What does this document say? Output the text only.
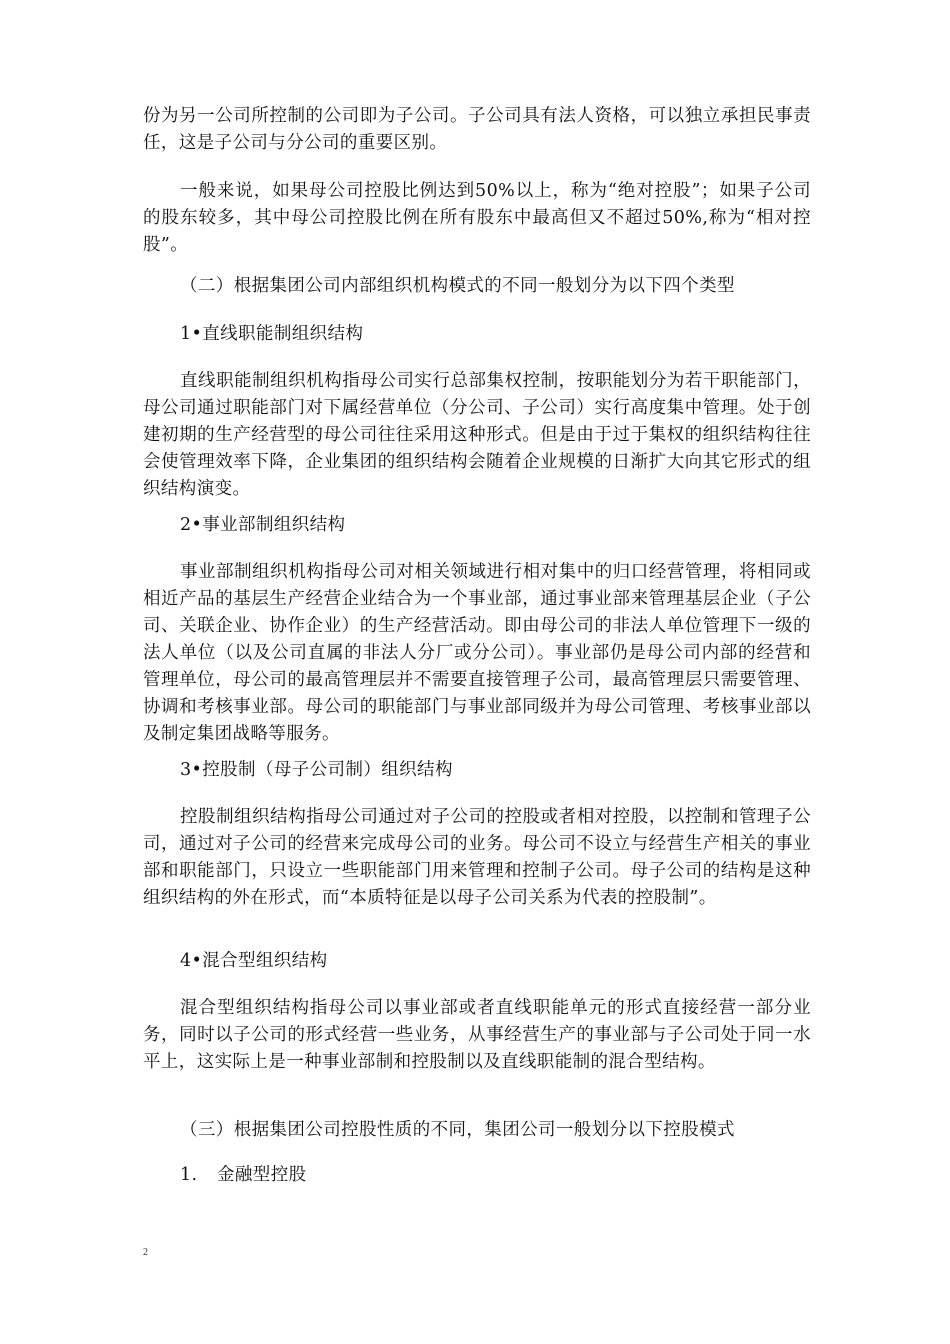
份为另一公司所控制的公司即为子公司。子公司具有法人资格，可以独立承担民事责任，这是子公司与分公司的重要区别。

一般来说，如果母公司控股比例达到50%以上，称为“绝对控股”；如果子公司的股东较多，其中母公司控股比例在所有股东中最高但又不超过50%,称为“相对控股”。

（二）根据集团公司内部组织机构模式的不同一般划分为以下四个类型

1•直线职能制组织结构

直线职能制组织机构指母公司实行总部集权控制，按职能划分为若干职能部门，母公司通过职能部门对下属经营单位（分公司、子公司）实行高度集中管理。处于创建初期的生产经营型的母公司往往采用这种形式。但是由于过于集权的组织结构往往会使管理效率下降，企业集团的组织结构会随着企业规模的日渐扩大向其它形式的组织结构演变。

2•事业部制组织结构

事业部制组织机构指母公司对相关领域进行相对集中的归口经营管理，将相同或相近产品的基层生产经营企业结合为一个事业部，通过事业部来管理基层企业（子公司、关联企业、协作企业）的生产经营活动。即由母公司的非法人单位管理下一级的法人单位（以及公司直属的非法人分厂或分公司）。事业部仍是母公司内部的经营和管理单位，母公司的最高管理层并不需要直接管理子公司，最高管理层只需要管理、协调和考核事业部。母公司的职能部门与事业部同级并为母公司管理、考核事业部以及制定集团战略等服务。

3•控股制（母子公司制）组织结构

控股制组织结构指母公司通过对子公司的控股或者相对控股，以控制和管理子公司，通过对子公司的经营来完成母公司的业务。母公司不设立与经营生产相关的事业部和职能部门，只设立一些职能部门用来管理和控制子公司。母子公司的结构是这种组织结构的外在形式，而“本质特征是以母子公司关系为代表的控股制”。

4•混合型组织结构

混合型组织结构指母公司以事业部或者直线职能单元的形式直接经营一部分业务，同时以子公司的形式经营一些业务，从事经营生产的事业部与子公司处于同一水平上，这实际上是一种事业部制和控股制以及直线职能制的混合型结构。

（三）根据集团公司控股性质的不同，集团公司一般划分以下控股模式

1. 金融型控股

2
